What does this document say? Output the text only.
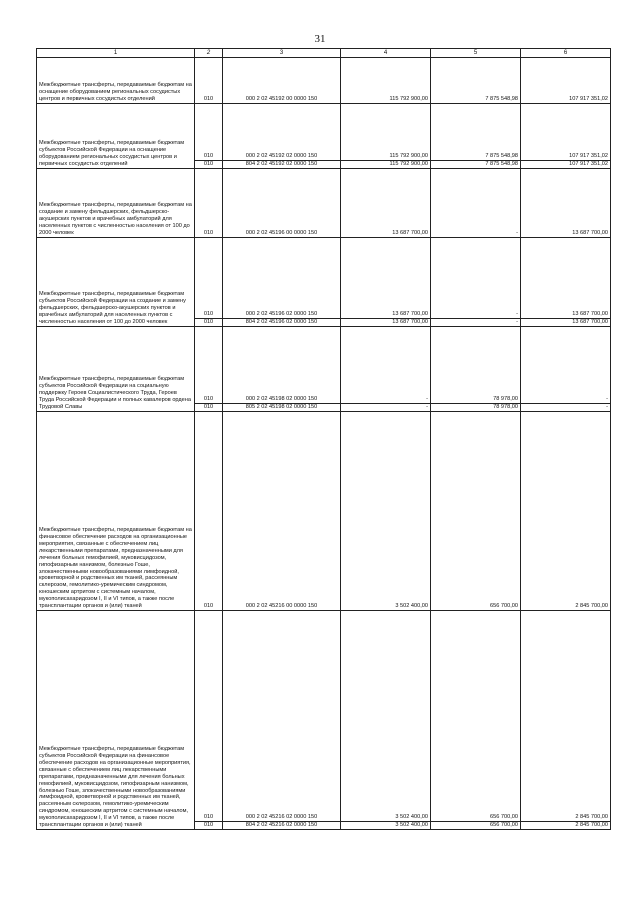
31
1	2	3	4	5	6
Межбюджетные трансферты, передаваемые бюджетам на оснащение оборудованием региональных сосудистых центров и первичных сосудистых отделений	010	000 2 02 45192 00 0000 150	115 792 900,00	7 875 548,98	107 917 351,02
Межбюджетные трансферты, передаваемые бюджетам субъектов Российской Федерации на оснащение оборудованием региональных сосудистых центров и первичных сосудистых отделений	010	000 2 02 45192 02 0000 150	115 792 900,00	7 875 548,98	107 917 351,02
	010	804 2 02 45192 02 0000 150	115 792 900,00	7 875 548,98	107 917 351,02
Межбюджетные трансферты, передаваемые бюджетам на создание и замену фельдшерских, фельдшерско-акушерских пунктов и врачебных амбулаторий для населенных пунктов с численностью населения от 100 до 2000 человек	010	000 2 02 45196 00 0000 150	13 687 700,00	-	13 687 700,00
Межбюджетные трансферты, передаваемые бюджетам субъектов Российской Федерации на создание и замену фельдшерских, фельдшерско-акушерских пунктов и врачебных амбулаторий для населенных пунктов с численностью населения от 100 до 2000 человек	010	000 2 02 45196 02 0000 150	13 687 700,00	-	13 687 700,00
	010	804 2 02 45196 02 0000 150	13 687 700,00	-	13 687 700,00
Межбюджетные трансферты, передаваемые бюджетам субъектов Российской Федерации на социальную поддержку Героев Социалистического Труда, Героев Труда Российской Федерации и полных кавалеров ордена Трудовой Славы	010	000 2 02 45198 02 0000 150	-	78 978,00	-
	010	805 2 02 45198 02 0000 150	-	78 978,00	-
Межбюджетные трансферты, передаваемые бюджетам на финансовое обеспечение расходов на организационные мероприятия, связанные с обеспечением лиц лекарственными препаратами, предназначенными для лечения больных гемофилией, муковисцидозом, гипофизарным нанизмом, болезнью Гоше, злокачественными новообразованиями лимфоидной, кроветворной и родственных им тканей, рассеянным склерозом, гемолитико-уремическим синдромом, юношеским артритом с системным началом, мукополисахаридозом I, II и VI типов, а также после трансплантации органов и (или) тканей	010	000 2 02 45216 00 0000 150	3 502 400,00	656 700,00	2 845 700,00
Межбюджетные трансферты, передаваемые бюджетам субъектов Российской Федерации на финансовое обеспечение расходов на организационные мероприятия, связанные с обеспечением лиц лекарственными препаратами, предназначенными для лечения больных гемофилией, муковисцидозом, гипофизарным нанизмом, болезнью Гоше, злокачественными новообразованиями лимфоидной, кроветворной и родственных им тканей, рассеянным склерозом, гемолитико-уремическим синдромом, юношеским артритом с системным началом, мукополисахаридозом I, II и VI типов, а также после трансплантации органов и (или) тканей	010	000 2 02 45216 02 0000 150	3 502 400,00	656 700,00	2 845 700,00
	010	804 2 02 45216 02 0000 150	3 502 400,00	656 700,00	2 845 700,00
